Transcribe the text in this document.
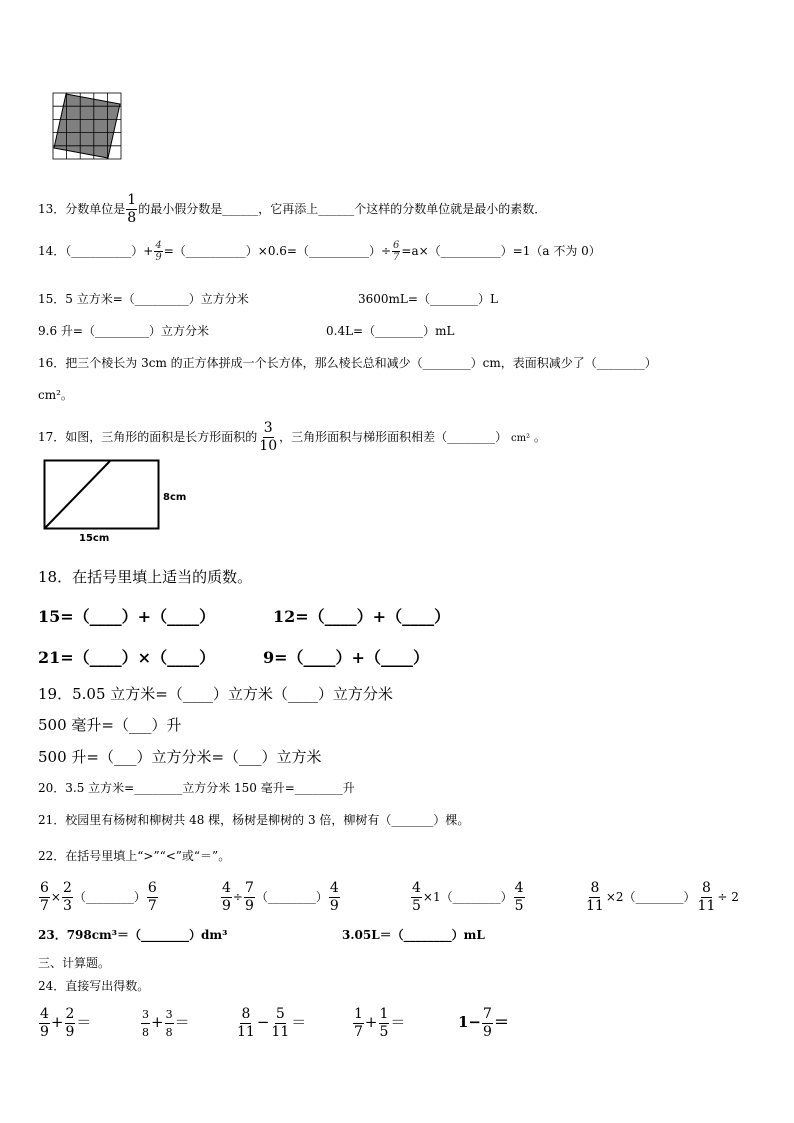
13．分数单位是 $\frac{1}{8}$ 的最小假分数是______，它再添上______个这样的分数单位就是最小的素数．
14．（__________）+ $\frac{4}{9}$ =（__________）×0.6=（__________）÷ $\frac{6}{7}$ =a×（__________）=1（a 不为 0）
15．5 立方米=（_________）立方分米	3600mL=（________）L
9.6 升=（_________）立方分米	0.4L=（________）mL
16．把三个棱长为 3cm 的正方体拼成一个长方体，那么棱长总和减少（________）cm，表面积减少了（________）
cm²。
17．如图，三角形的面积是长方形面积的 $\frac{3}{10}$ ，三角形面积与梯形面积相差（________） cm² 。
8cm
15cm
18．在括号里填上适当的质数。
15=（____）+（____）	12=（____）+（____）
21=（____）×（____）	9=（____）+（____）
19．5.05 立方米=（____）立方米（____）立方分米
500 毫升=（___）升
500 升=（___）立方分米=（___）立方米
20．3.5 立方米=________立方分米 150 毫升=________升
21．校园里有杨树和柳树共 48 棵，杨树是柳树的 3 倍，柳树有（_______）棵。
22．在括号里填上“>”“<”或“＝”。
$\frac{6}{7} \times \frac{2}{3}$ （________） $\frac{6}{7}$	$\frac{4}{9} \div \frac{7}{9}$ （________） $\frac{4}{9}$	$\frac{4}{5}$ ×1（________） $\frac{4}{5}$	$\frac{8}{11}$ ×2（________） $\frac{8}{11} \div 2$
23．798cm³＝（________）dm³	3.05L＝（________）mL
三、计算题。
24．直接写出得数。
$\frac{4}{9} + \frac{2}{9}$ ＝	$\frac{3}{8} + \frac{3}{8}$ ＝	$\frac{8}{11} - \frac{5}{11}$ ＝	$\frac{1}{7} + \frac{1}{5}$ ＝	$1- \frac{7}{9}$ ＝
